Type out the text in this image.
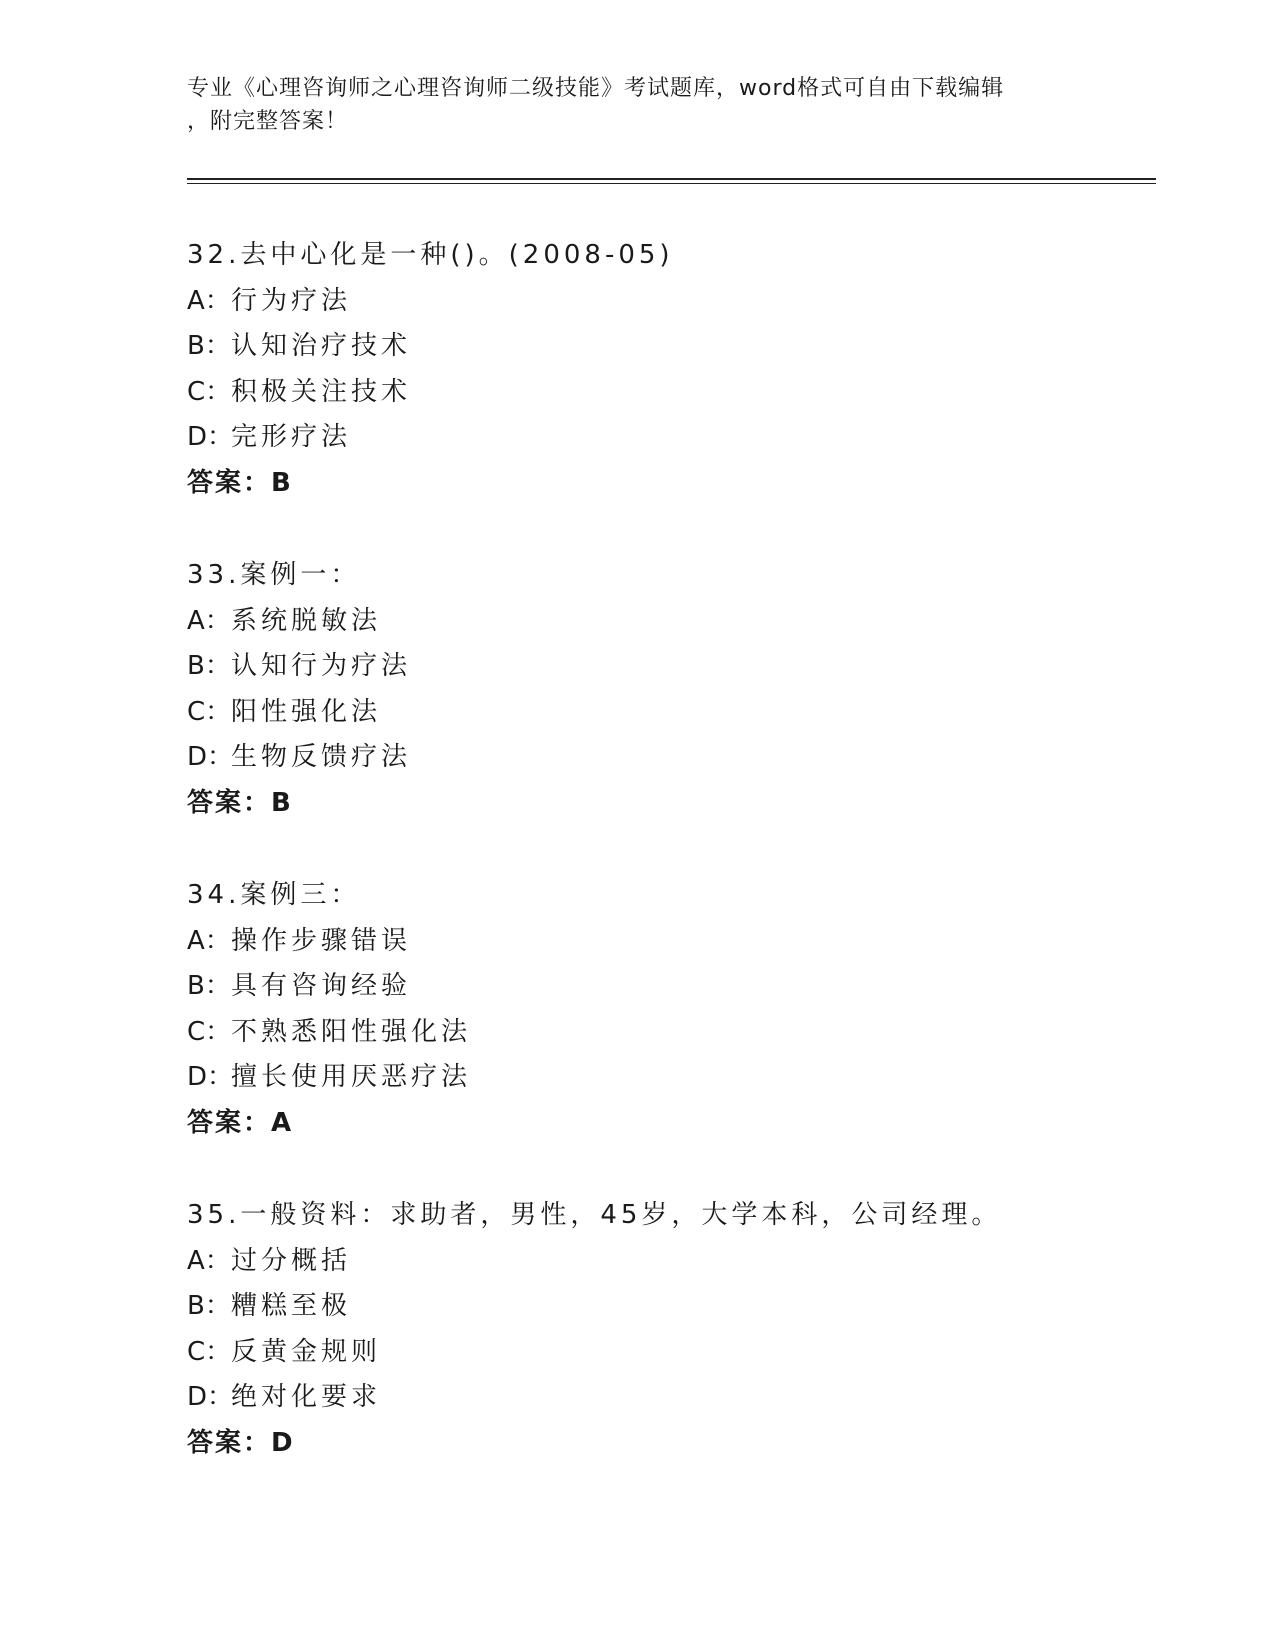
专业《心理咨询师之心理咨询师二级技能》考试题库，word格式可自由下载编辑
，附完整答案！
32.去中心化是一种()。(2008-05)
A：行为疗法
B：认知治疗技术
C：积极关注技术
D：完形疗法
答案：B
33.案例一：
A：系统脱敏法
B：认知行为疗法
C：阳性强化法
D：生物反馈疗法
答案：B
34.案例三：
A：操作步骤错误
B：具有咨询经验
C：不熟悉阳性强化法
D：擅长使用厌恶疗法
答案：A
35.一般资料：求助者，男性，45岁，大学本科，公司经理。
A：过分概括
B：糟糕至极
C：反黄金规则
D：绝对化要求
答案：D
